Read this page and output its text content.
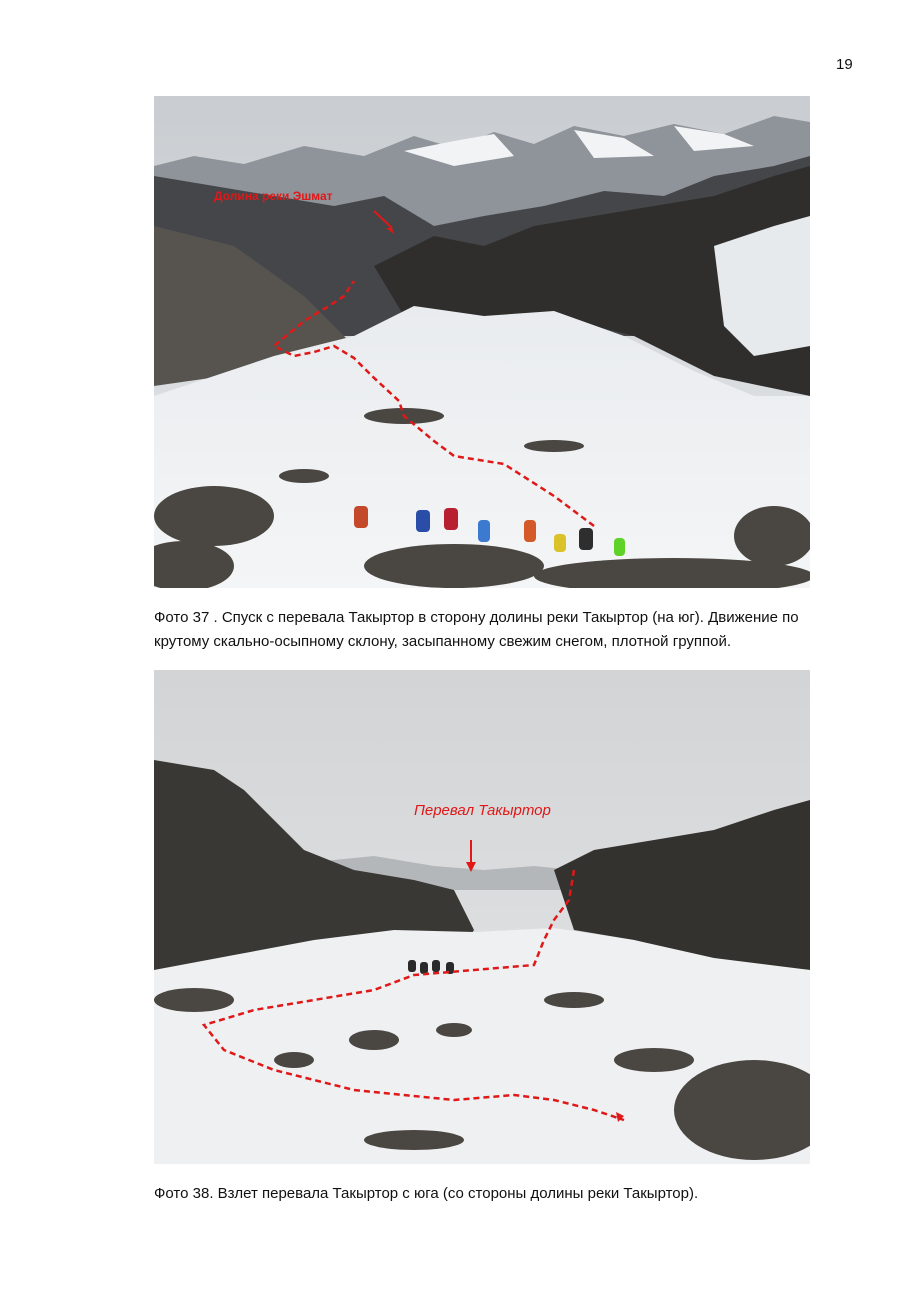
19
Долина реки Эшмат
Фото 37 . Спуск с перевала Такыртор в сторону долины реки Такыртор (на юг). Движение по
крутому скально-осыпному склону, засыпанному свежим снегом, плотной группой.
Перевал Такыртор
Фото 38. Взлет перевала Такыртор с юга (со стороны долины реки Такыртор).
